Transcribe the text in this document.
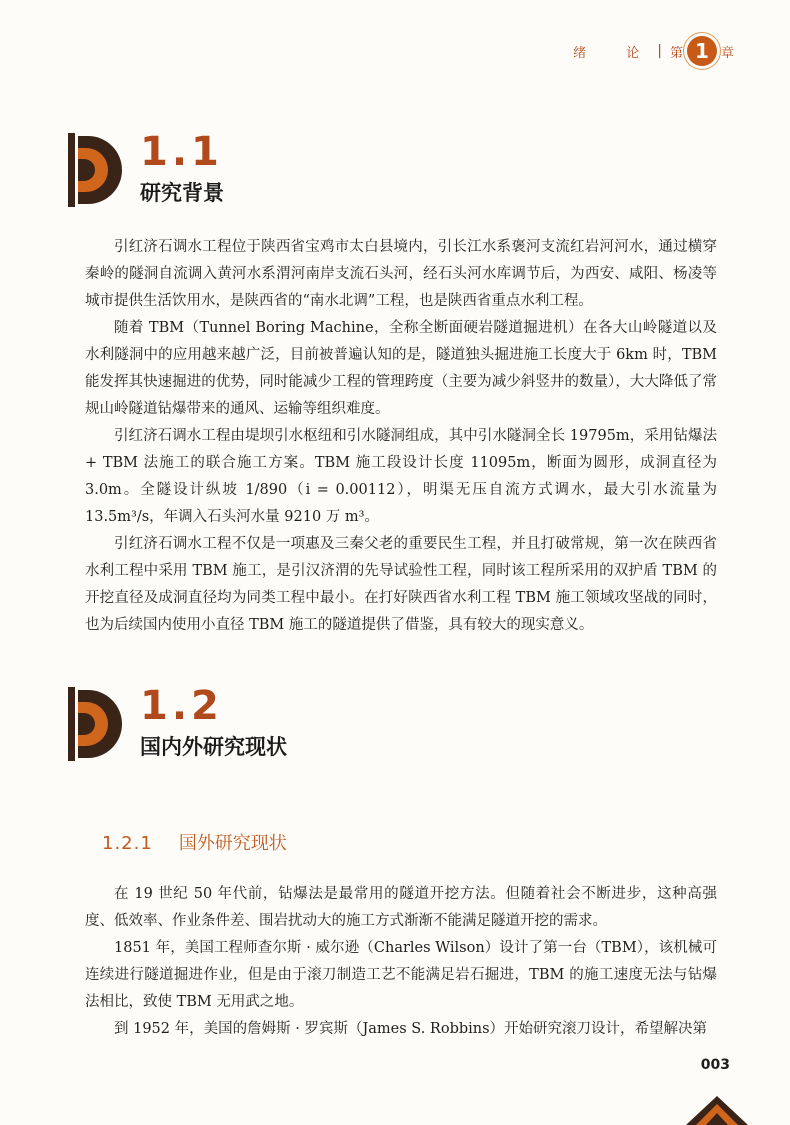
绪 论 | 第 1 章
1.1
研究背景

引红济石调水工程位于陕西省宝鸡市太白县境内，引长江水系褒河支流红岩河河水，通过横穿秦岭的隧洞自流调入黄河水系渭河南岸支流石头河，经石头河水库调节后，为西安、咸阳、杨凌等城市提供生活饮用水，是陕西省的“南水北调”工程，也是陕西省重点水利工程。

随着 TBM（Tunnel Boring Machine，全称全断面硬岩隧道掘进机）在各大山岭隧道以及水利隧洞中的应用越来越广泛，目前被普遍认知的是，隧道独头掘进施工长度大于 6km 时，TBM 能发挥其快速掘进的优势，同时能减少工程的管理跨度（主要为减少斜竖井的数量），大大降低了常规山岭隧道钻爆带来的通风、运输等组织难度。

引红济石调水工程由堤坝引水枢纽和引水隧洞组成，其中引水隧洞全长 19795m，采用钻爆法 + TBM 法施工的联合施工方案。TBM 施工段设计长度 11095m，断面为圆形，成洞直径为 3.0m。全隧设计纵坡 1/890（i = 0.00112），明渠无压自流方式调水，最大引水流量为 13.5m³/s，年调入石头河水量 9210 万 m³。

引红济石调水工程不仅是一项惠及三秦父老的重要民生工程，并且打破常规，第一次在陕西省水利工程中采用 TBM 施工，是引汉济渭的先导试验性工程，同时该工程所采用的双护盾 TBM 的开挖直径及成洞直径均为同类工程中最小。在打好陕西省水利工程 TBM 施工领域攻坚战的同时，也为后续国内使用小直径 TBM 施工的隧道提供了借鉴，具有较大的现实意义。

1.2
国内外研究现状
1.2.1 国外研究现状

在 19 世纪 50 年代前，钻爆法是最常用的隧道开挖方法。但随着社会不断进步，这种高强度、低效率、作业条件差、围岩扰动大的施工方式渐渐不能满足隧道开挖的需求。

1851 年，美国工程师查尔斯 · 威尔逊（Charles Wilson）设计了第一台（TBM），该机械可连续进行隧道掘进作业，但是由于滚刀制造工艺不能满足岩石掘进，TBM 的施工速度无法与钻爆法相比，致使 TBM 无用武之地。

到 1952 年，美国的詹姆斯 · 罗宾斯（James S. Robbins）开始研究滚刀设计，希望解决第

003
